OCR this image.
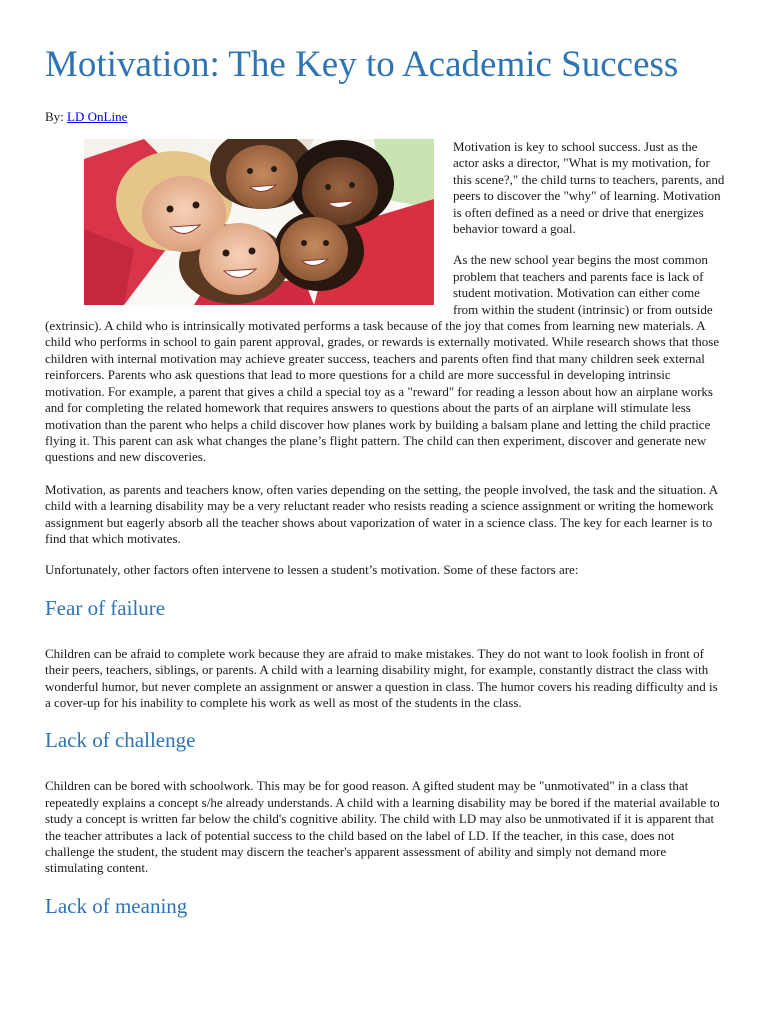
Motivation: The Key to Academic Success
By: LD OnLine

Motivation is key to school success. Just as the actor asks a director, "What is my motivation, for this scene?," the child turns to teachers, parents, and peers to discover the "why" of learning. Motivation is often defined as a need or drive that energizes behavior toward a goal.

As the new school year begins the most common problem that teachers and parents face is lack of student motivation. Motivation can either come from within the student (intrinsic) or from outside (extrinsic). A child who is intrinsically motivated performs a task because of the joy that comes from learning new materials. A child who performs in school to gain parent approval, grades, or rewards is externally motivated. While research shows that those children with internal motivation may achieve greater success, teachers and parents often find that many children seek external reinforcers. Parents who ask questions that lead to more questions for a child are more successful in developing intrinsic motivation. For example, a parent that gives a child a special toy as a "reward" for reading a lesson about how an airplane works and for completing the related homework that requires answers to questions about the parts of an airplane will stimulate less motivation than the parent who helps a child discover how planes work by building a balsam plane and letting the child practice flying it. This parent can ask what changes the plane’s flight pattern. The child can then experiment, discover and generate new questions and new discoveries.

Motivation, as parents and teachers know, often varies depending on the setting, the people involved, the task and the situation. A child with a learning disability may be a very reluctant reader who resists reading a science assignment or writing the homework assignment but eagerly absorb all the teacher shows about vaporization of water in a science class. The key for each learner is to find that which motivates.

Unfortunately, other factors often intervene to lessen a student’s motivation. Some of these factors are:

Fear of failure

Children can be afraid to complete work because they are afraid to make mistakes. They do not want to look foolish in front of their peers, teachers, siblings, or parents. A child with a learning disability might, for example, constantly distract the class with wonderful humor, but never complete an assignment or answer a question in class. The humor covers his reading difficulty and is a cover-up for his inability to complete his work as well as most of the students in the class.

Lack of challenge

Children can be bored with schoolwork. This may be for good reason. A gifted student may be "unmotivated" in a class that repeatedly explains a concept s/he already understands. A child with a learning disability may be bored if the material available to study a concept is written far below the child's cognitive ability. The child with LD may also be unmotivated if it is apparent that the teacher attributes a lack of potential success to the child based on the label of LD. If the teacher, in this case, does not challenge the student, the student may discern the teacher's apparent assessment of ability and simply not demand more stimulating content.

Lack of meaning
